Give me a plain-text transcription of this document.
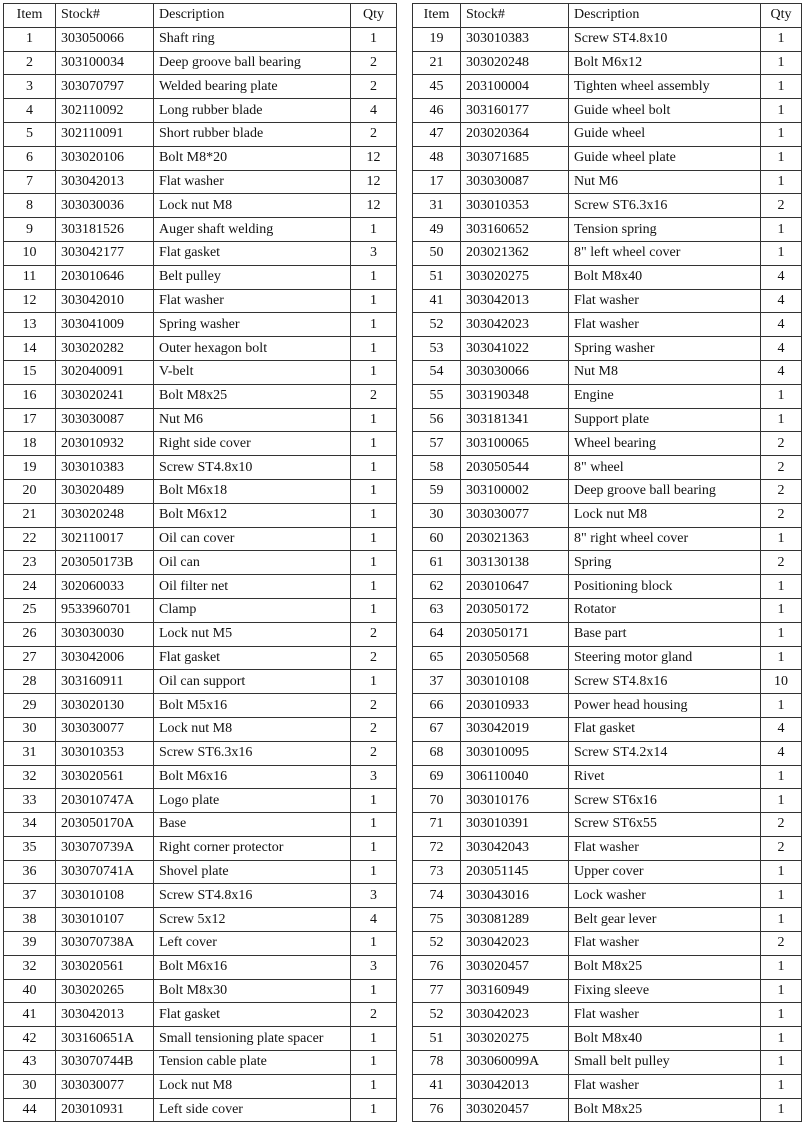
Item	Stock#	Description	Qty
1	303050066	Shaft ring	1
2	303100034	Deep groove ball bearing	2
3	303070797	Welded bearing plate	2
4	302110092	Long rubber blade	4
5	302110091	Short rubber blade	2
6	303020106	Bolt M8*20	12
7	303042013	Flat washer	12
8	303030036	Lock nut M8	12
9	303181526	Auger shaft welding	1
10	303042177	Flat gasket	3
11	203010646	Belt pulley	1
12	303042010	Flat washer	1
13	303041009	Spring washer	1
14	303020282	Outer hexagon bolt	1
15	302040091	V-belt	1
16	303020241	Bolt M8x25	2
17	303030087	Nut M6	1
18	203010932	Right side cover	1
19	303010383	Screw ST4.8x10	1
20	303020489	Bolt M6x18	1
21	303020248	Bolt M6x12	1
22	302110017	Oil can cover	1
23	203050173B	Oil can	1
24	302060033	Oil filter net	1
25	9533960701	Clamp	1
26	303030030	Lock nut M5	2
27	303042006	Flat gasket	2
28	303160911	Oil can support	1
29	303020130	Bolt M5x16	2
30	303030077	Lock nut M8	2
31	303010353	Screw ST6.3x16	2
32	303020561	Bolt M6x16	3
33	203010747A	Logo plate	1
34	203050170A	Base	1
35	303070739A	Right corner protector	1
36	303070741A	Shovel plate	1
37	303010108	Screw ST4.8x16	3
38	303010107	Screw 5x12	4
39	303070738A	Left cover	1
32	303020561	Bolt M6x16	3
40	303020265	Bolt M8x30	1
41	303042013	Flat gasket	2
42	303160651A	Small tensioning plate spacer	1
43	303070744B	Tension cable plate	1
30	303030077	Lock nut M8	1
44	203010931	Left side cover	1
Item	Stock#	Description	Qty
19	303010383	Screw ST4.8x10	1
21	303020248	Bolt M6x12	1
45	203100004	Tighten wheel assembly	1
46	303160177	Guide wheel bolt	1
47	203020364	Guide wheel	1
48	303071685	Guide wheel plate	1
17	303030087	Nut M6	1
31	303010353	Screw ST6.3x16	2
49	303160652	Tension spring	1
50	203021362	8" left wheel cover	1
51	303020275	Bolt M8x40	4
41	303042013	Flat washer	4
52	303042023	Flat washer	4
53	303041022	Spring washer	4
54	303030066	Nut M8	4
55	303190348	Engine	1
56	303181341	Support plate	1
57	303100065	Wheel bearing	2
58	203050544	8" wheel	2
59	303100002	Deep groove ball bearing	2
30	303030077	Lock nut M8	2
60	203021363	8" right wheel cover	1
61	303130138	Spring	2
62	203010647	Positioning block	1
63	203050172	Rotator	1
64	203050171	Base part	1
65	203050568	Steering motor gland	1
37	303010108	Screw ST4.8x16	10
66	203010933	Power head housing	1
67	303042019	Flat gasket	4
68	303010095	Screw ST4.2x14	4
69	306110040	Rivet	1
70	303010176	Screw ST6x16	1
71	303010391	Screw ST6x55	2
72	303042043	Flat washer	2
73	203051145	Upper cover	1
74	303043016	Lock washer	1
75	303081289	Belt gear lever	1
52	303042023	Flat washer	2
76	303020457	Bolt M8x25	1
77	303160949	Fixing sleeve	1
52	303042023	Flat washer	1
51	303020275	Bolt M8x40	1
78	303060099A	Small belt pulley	1
41	303042013	Flat washer	1
76	303020457	Bolt M8x25	1
